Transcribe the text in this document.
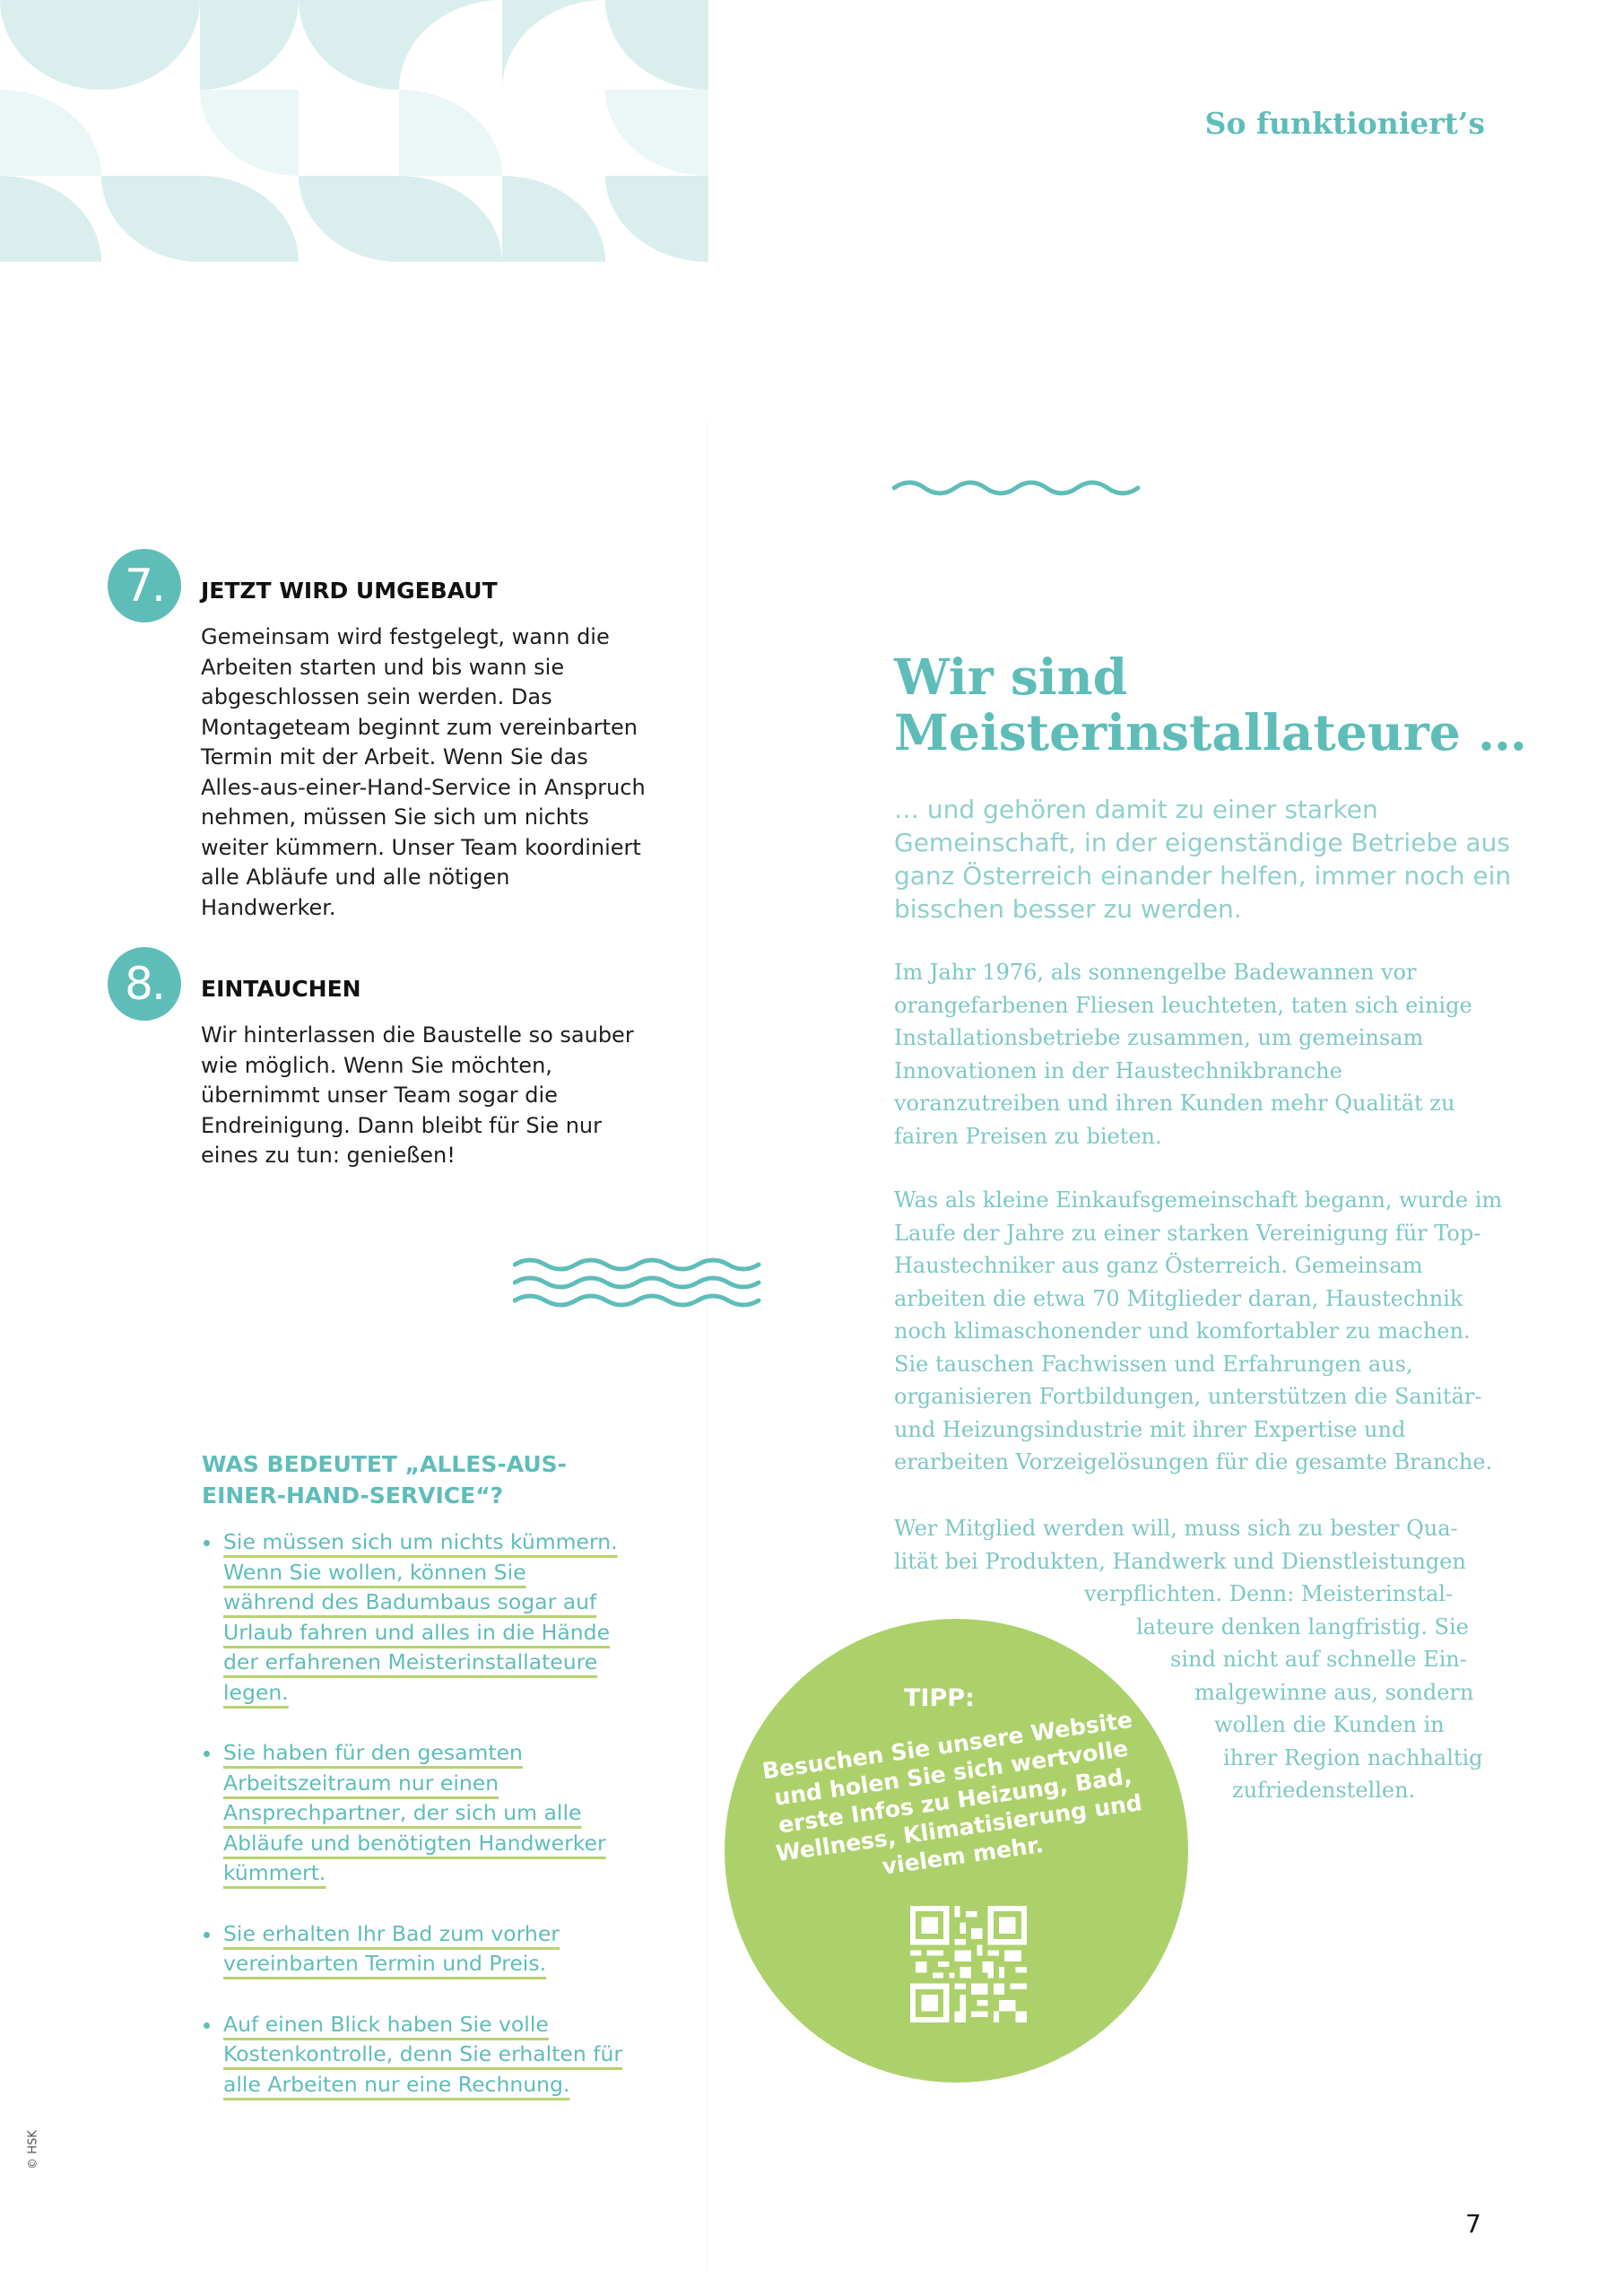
So funktioniert’s
7.	JETZT WIRD UMGEBAUT

Gemeinsam wird festgelegt, wann die Arbeiten starten und bis wann sie abgeschlossen sein werden. Das Montageteam beginnt zum vereinbarten Termin mit der Arbeit. Wenn Sie das Alles-aus-einer-Hand-Service in Anspruch nehmen, müssen Sie sich um nichts weiter kümmern. Unser Team koordiniert alle Abläufe und alle nötigen Handwerker.

8.	EINTAUCHEN

Wir hinterlassen die Baustelle so sauber wie möglich. Wenn Sie möchten, übernimmt unser Team sogar die Endreinigung. Dann bleibt für Sie nur eines zu tun: genießen!

WAS BEDEUTET „ALLES-AUS-EINER-HAND-SERVICE“?
Sie müssen sich um nichts kümmern. Wenn Sie wollen, können Sie während des Badumbaus sogar auf Urlaub fahren und alles in die Hände der erfahrenen Meisterinstallateure legen.
Sie haben für den gesamten Arbeitszeitraum nur einen Ansprechpartner, der sich um alle Abläufe und benötigten Handwerker kümmert.
Sie erhalten Ihr Bad zum vorher vereinbarten Termin und Preis.
Auf einen Blick haben Sie volle Kostenkontrolle, denn Sie erhalten für alle Arbeiten nur eine Rechnung.
© HSK
Wir sind Meisterinstallateure …

… und gehören damit zu einer starken Gemeinschaft, in der eigenständige Betriebe aus ganz Österreich einander helfen, immer noch ein bisschen besser zu werden.

Im Jahr 1976, als sonnengelbe Badewannen vor orangefarbenen Fliesen leuchteten, taten sich einige Installationsbetriebe zusammen, um gemeinsam Innovationen in der Haustechnikbranche voranzutreiben und ihren Kunden mehr Qualität zu fairen Preisen zu bieten.

Was als kleine Einkaufsgemeinschaft begann, wurde im Laufe der Jahre zu einer starken Vereinigung für Top-Haustechniker aus ganz Österreich. Gemeinsam arbeiten die etwa 70 Mitglieder daran, Haustechnik noch klimaschonender und komfortabler zu machen. Sie tauschen Fachwissen und Erfahrungen aus, organisieren Fortbildungen, unterstützen die Sanitär- und Heizungsindustrie mit ihrer Expertise und erarbeiten Vorzeigelösungen für die gesamte Branche.

Wer Mitglied werden will, muss sich zu bester Qua-
lität bei Produkten, Handwerk und Dienstleistungen
verpflichten. Denn: Meisterinstal-
lateure denken langfristig. Sie
sind nicht auf schnelle Ein-
malgewinne aus, sondern
wollen die Kunden in
ihrer Region nachhaltig
zufriedenstellen.
TIPP:
Besuchen Sie unsere Website und holen Sie sich wertvolle erste Infos zu Heizung, Bad, Wellness, Klimatisierung und vielem mehr.
7
